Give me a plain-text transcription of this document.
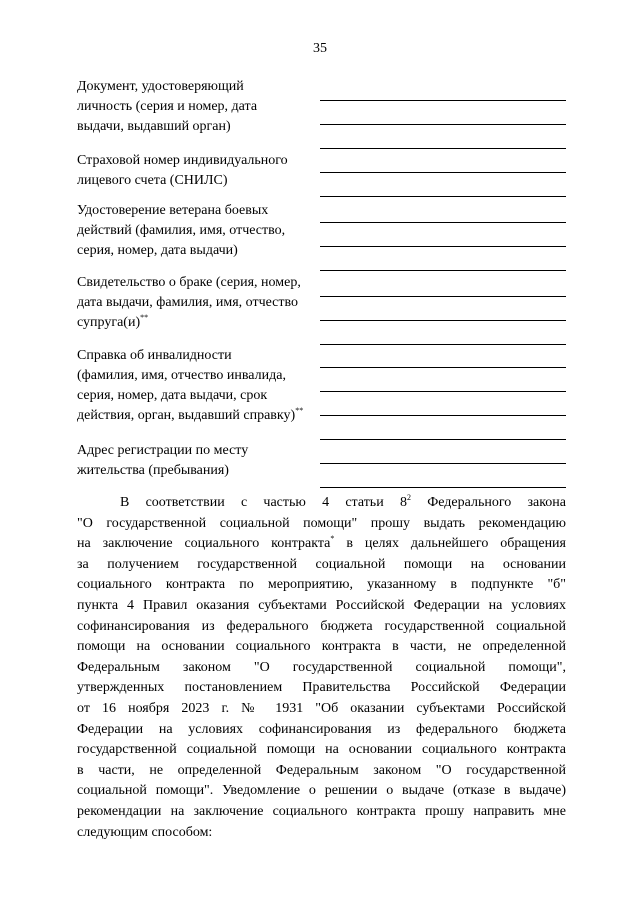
35
Документ, удостоверяющий
личность (серия и номер, дата
выдачи, выдавший орган)
Страховой номер индивидуального
лицевого счета (СНИЛС)
Удостоверение ветерана боевых
действий (фамилия, имя, отчество,
серия, номер, дата выдачи)
Свидетельство о браке (серия, номер,
дата выдачи, фамилия, имя, отчество
супруга(и)**
Справка об инвалидности
(фамилия, имя, отчество инвалида,
серия, номер, дата выдачи, срок
действия, орган, выдавший справку)**
Адрес регистрации по месту
жительства (пребывания)
В соответствии с частью 4 статьи $8^2$ Федерального закона
"О государственной социальной помощи" прошу выдать рекомендацию
на заключение социального контракта* в целях дальнейшего обращения
за получением государственной социальной помощи на основании
социального контракта по мероприятию, указанному в подпункте "б"
пункта 4 Правил оказания субъектами Российской Федерации на условиях
софинансирования из федерального бюджета государственной социальной
помощи на основании социального контракта в части, не определенной
Федеральным законом "О государственной социальной помощи",
утвержденных постановлением Правительства Российской Федерации
от 16 ноября 2023 г. № 1931 "Об оказании субъектами Российской
Федерации на условиях софинансирования из федерального бюджета
государственной социальной помощи на основании социального контракта
в части, не определенной Федеральным законом "О государственной
социальной помощи". Уведомление о решении о выдаче (отказе в выдаче)
рекомендации на заключение социального контракта прошу направить мне
следующим способом:
